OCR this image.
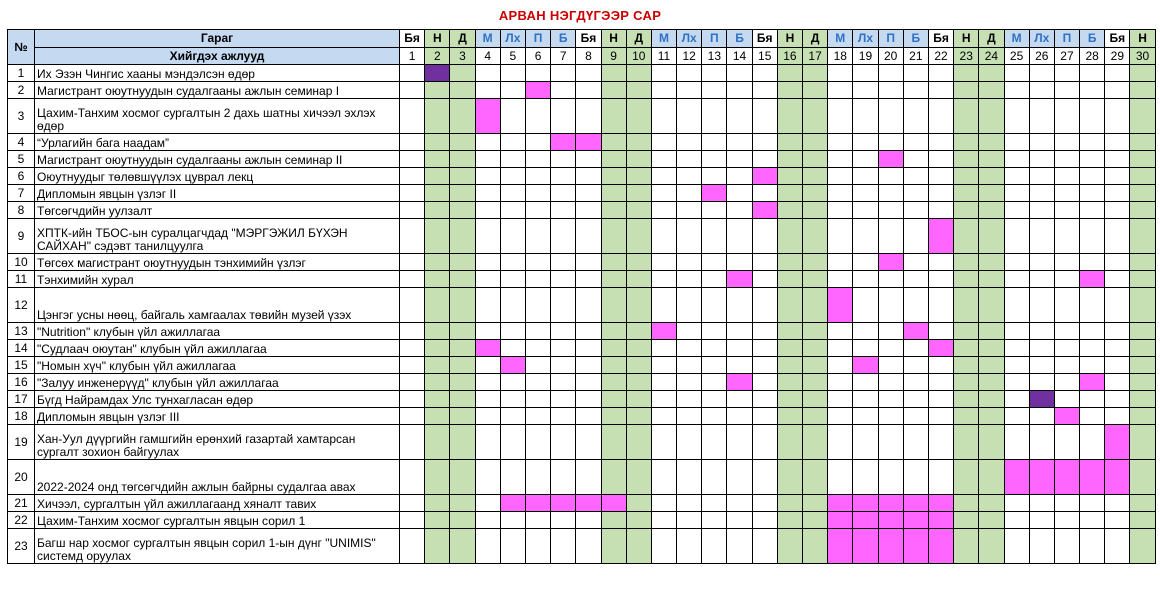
АРВАН НЭГДҮГЭЭР САР
№	Гараг	Бя	Н	Д	М	Лх	П	Б	Бя	Н	Д	М	Лх	П	Б	Бя	Н	Д	М	Лх	П	Б	Бя	Н	Д	М	Лх	П	Б	Бя	Н
	Хийгдэх ажлууд	1	2	3	4	5	6	7	8	9	10	11	12	13	14	15	16	17	18	19	20	21	22	23	24	25	26	27	28	29	30

1	Их Эзэн Чингис хааны мэндэлсэн өдөр																														
2	Магистрант оюутнуудын судалгааны ажлын семинар I																														
3	Цахим-Танхим хосмог сургалтын 2 дахь шатны хичээл эхлэх өдөр																														
4	“Урлагийн бага наадам”																														
5	Магистрант оюутнуудын судалгааны ажлын семинар II																														
6	Оюутнуудыг төлөвшүүлэх цуврал лекц																														
7	Дипломын явцын үзлэг II																														
8	Төгсөгчдийн уулзалт																														
9	ХПТК-ийн ТБОС-ын суралцагчдад "МЭРГЭЖИЛ БҮХЭН САЙХАН" сэдэвт танилцуулга																														
10	Төгсөх магистрант оюутнуудын тэнхимийн үзлэг																														
11	Тэнхимийн хурал																														
12	Цэнгэг усны нөөц, байгаль хамгаалах төвийн музей үзэх																														
13	"Nutrition" клубын үйл ажиллагаа																														
14	"Судлаач оюутан" клубын үйл ажиллагаа																														
15	"Номын хүч" клубын үйл ажиллагаа																														
16	"Залуу инженерүүд" клубын үйл ажиллагаа																														
17	Бүгд Найрамдах Улс тунхагласан өдөр																														
18	Дипломын явцын үзлэг III																														
19	Хан-Уул дүүргийн гамшгийн ерөнхий газартай хамтарсан сургалт зохион байгуулах																														
20	2022-2024 онд төгсөгчдийн ажлын байрны судалгаа авах																														
21	Хичээл, сургалтын үйл ажиллагаанд хяналт тавих																														
22	Цахим-Танхим хосмог сургалтын явцын сорил 1																														
23	Багш нар хосмог сургалтын явцын сорил 1-ын дүнг "UNIMIS" системд оруулах																														
